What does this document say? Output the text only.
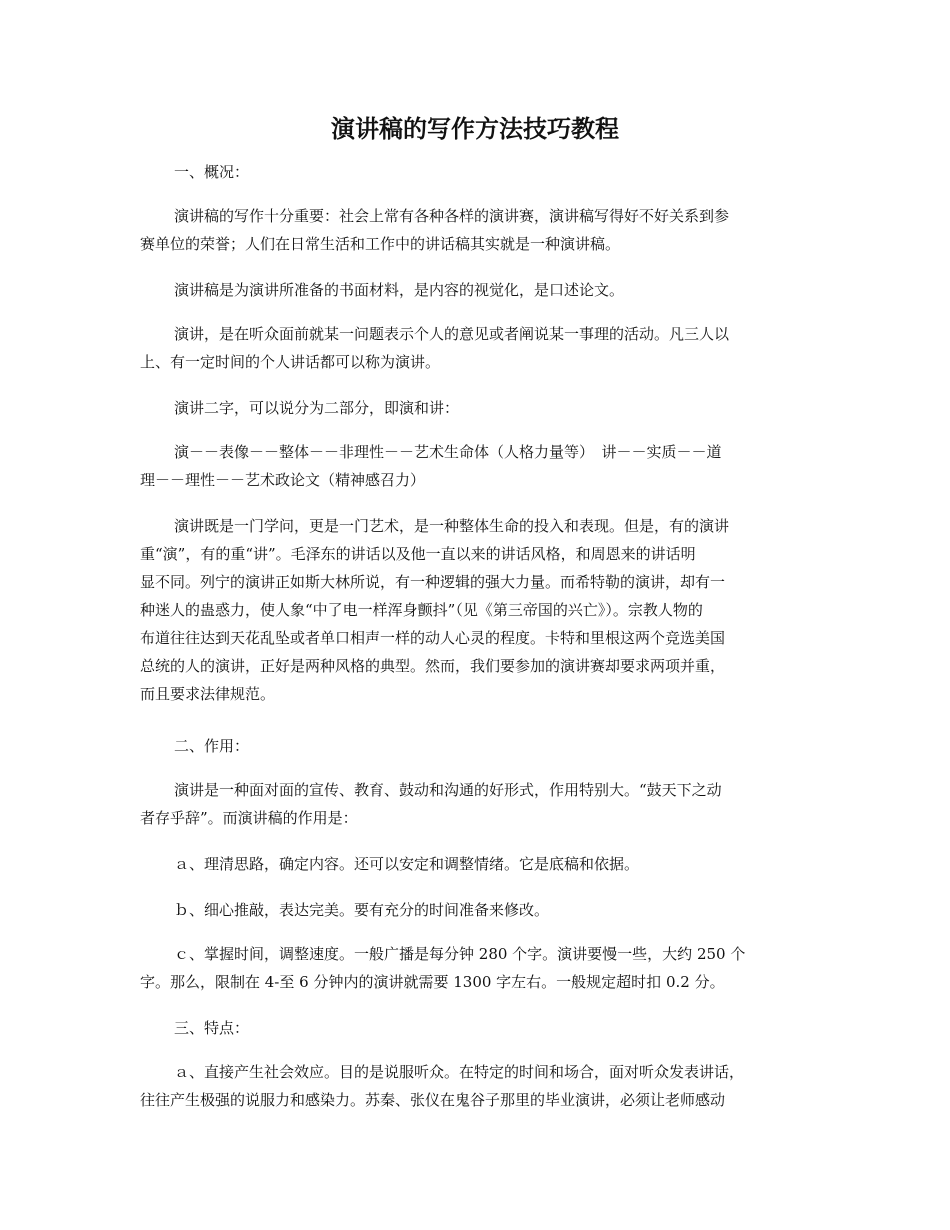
演讲稿的写作方法技巧教程
一、概况：
演讲稿的写作十分重要：社会上常有各种各样的演讲赛，演讲稿写得好不好关系到参
赛单位的荣誉；人们在日常生活和工作中的讲话稿其实就是一种演讲稿。
演讲稿是为演讲所准备的书面材料，是内容的视觉化，是口述论文。
演讲，是在听众面前就某一问题表示个人的意见或者阐说某一事理的活动。凡三人以
上、有一定时间的个人讲话都可以称为演讲。
演讲二字，可以说分为二部分，即演和讲：
演－－表像－－整体－－非理性－－艺术生命体（人格力量等）　讲－－实质－－道
理－－理性－－艺术政论文（精神感召力）
演讲既是一门学问，更是一门艺术，是一种整体生命的投入和表现。但是，有的演讲
重“演”，有的重“讲”。毛泽东的讲话以及他一直以来的讲话风格，和周恩来的讲话明
显不同。列宁的演讲正如斯大林所说，有一种逻辑的强大力量。而希特勒的演讲，却有一
种迷人的蛊惑力，使人象“中了电一样浑身颤抖”（见《第三帝国的兴亡》）。宗教人物的
布道往往达到天花乱坠或者单口相声一样的动人心灵的程度。卡特和里根这两个竞选美国
总统的人的演讲，正好是两种风格的典型。然而，我们要参加的演讲赛却要求两项并重，
而且要求法律规范。
二、作用：
演讲是一种面对面的宣传、教育、鼓动和沟通的好形式，作用特别大。“鼓天下之动
者存乎辞”。而演讲稿的作用是：
ａ、理清思路，确定内容。还可以安定和调整情绪。它是底稿和依据。
ｂ、细心推敲，表达完美。要有充分的时间准备来修改。
ｃ、掌握时间，调整速度。一般广播是每分钟 280 个字。演讲要慢一些，大约 250 个
字。那么，限制在 4-至 6 分钟内的演讲就需要 1300 字左右。一般规定超时扣 0.2 分。
三、特点：
ａ、直接产生社会效应。目的是说服听众。在特定的时间和场合，面对听众发表讲话，
往往产生极强的说服力和感染力。苏秦、张仪在鬼谷子那里的毕业演讲，必须让老师感动
